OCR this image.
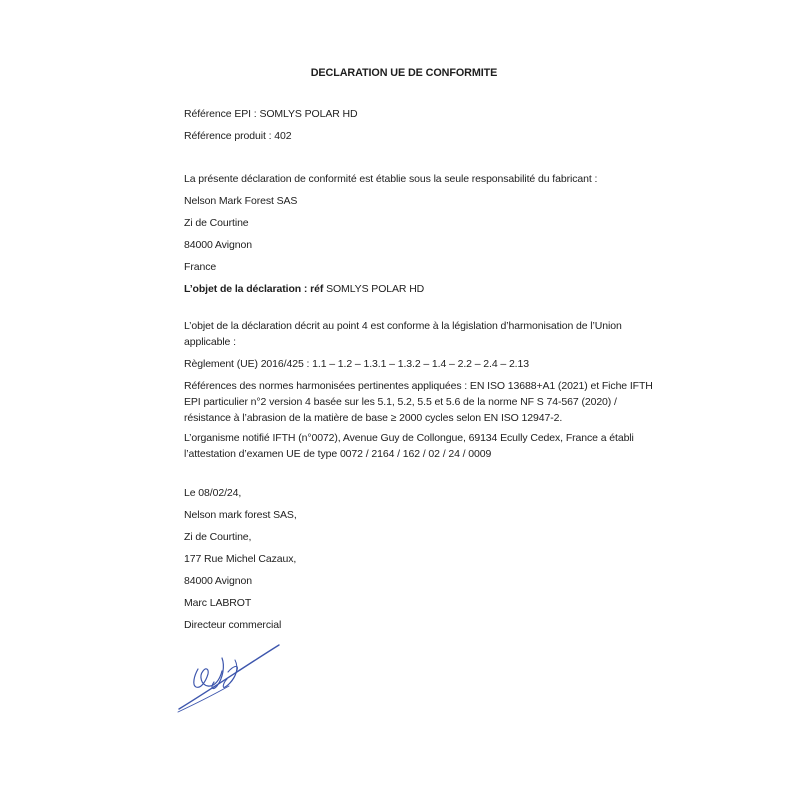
DECLARATION UE DE CONFORMITE
Référence EPI : SOMLYS POLAR HD
Référence produit : 402
La présente déclaration de conformité est établie sous la seule responsabilité du fabricant :
Nelson Mark Forest SAS
Zi de Courtine
84000 Avignon
France
L’objet de la déclaration : réf SOMLYS POLAR HD
L’objet de la déclaration décrit au point 4 est conforme à la législation d’harmonisation de l’Union
applicable :
Règlement (UE) 2016/425 : 1.1 – 1.2 – 1.3.1 – 1.3.2 – 1.4 – 2.2 – 2.4 – 2.13
Références des normes harmonisées pertinentes appliquées : EN ISO 13688+A1 (2021) et Fiche IFTH
EPI particulier n°2 version 4 basée sur les 5.1, 5.2, 5.5 et 5.6 de la norme NF S 74-567 (2020) /
résistance à l’abrasion de la matière de base ≥ 2000 cycles selon EN ISO 12947-2.
L’organisme notifié IFTH (n°0072), Avenue Guy de Collongue, 69134 Ecully Cedex, France a établi
l’attestation d’examen UE de type 0072 / 2164 / 162 / 02 / 24 / 0009
Le 08/02/24,
Nelson mark forest SAS,
Zi de Courtine,
177 Rue Michel Cazaux,
84000 Avignon
Marc LABROT
Directeur commercial
